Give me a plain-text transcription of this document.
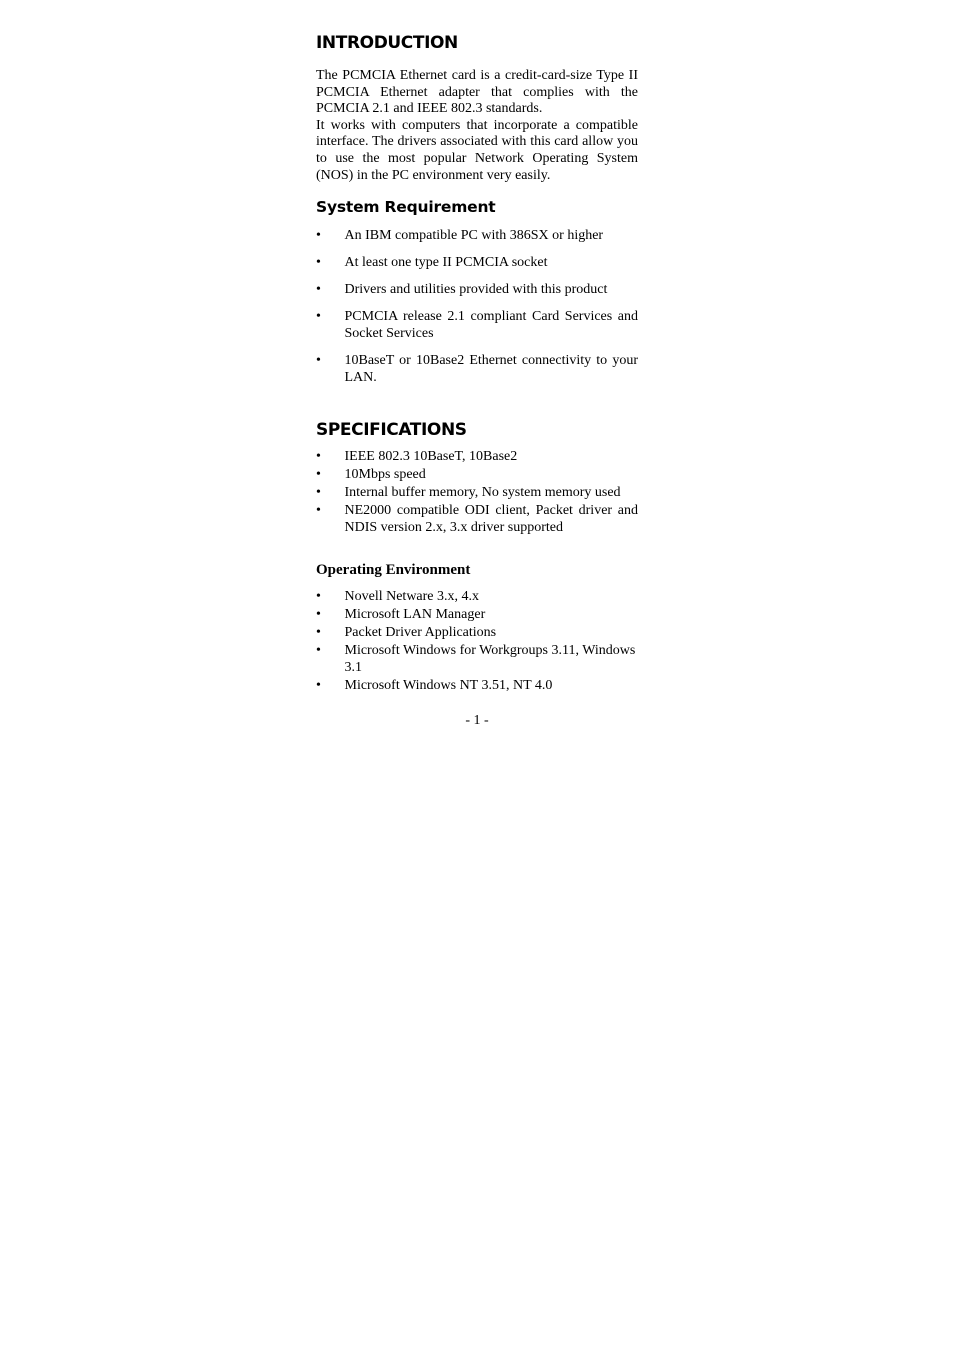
INTRODUCTION

The PCMCIA Ethernet card is a credit-card-size Type II PCMCIA Ethernet adapter that complies with the PCMCIA 2.1 and IEEE 802.3 standards.

It works with computers that incorporate a compatible interface. The drivers associated with this card allow you to use the most popular Network Operating System (NOS) in the PC environment very easily.

System Requirement
•	An IBM compatible PC with 386SX or higher
•	At least one type II PCMCIA socket
•	Drivers and utilities provided with this product
•	PCMCIA release 2.1 compliant Card Services and Socket Services
•	10BaseT or 10Base2 Ethernet connectivity to your LAN.
SPECIFICATIONS
•	IEEE 802.3 10BaseT, 10Base2
•	10Mbps speed
•	Internal buffer memory, No system memory used
•	NE2000 compatible ODI client, Packet driver and NDIS version 2.x, 3.x driver supported
Operating Environment
•	Novell Netware 3.x, 4.x
•	Microsoft LAN Manager
•	Packet Driver Applications
•	Microsoft Windows for Workgroups 3.11, Windows 3.1
•	Microsoft Windows NT 3.51, NT 4.0
- 1 -
